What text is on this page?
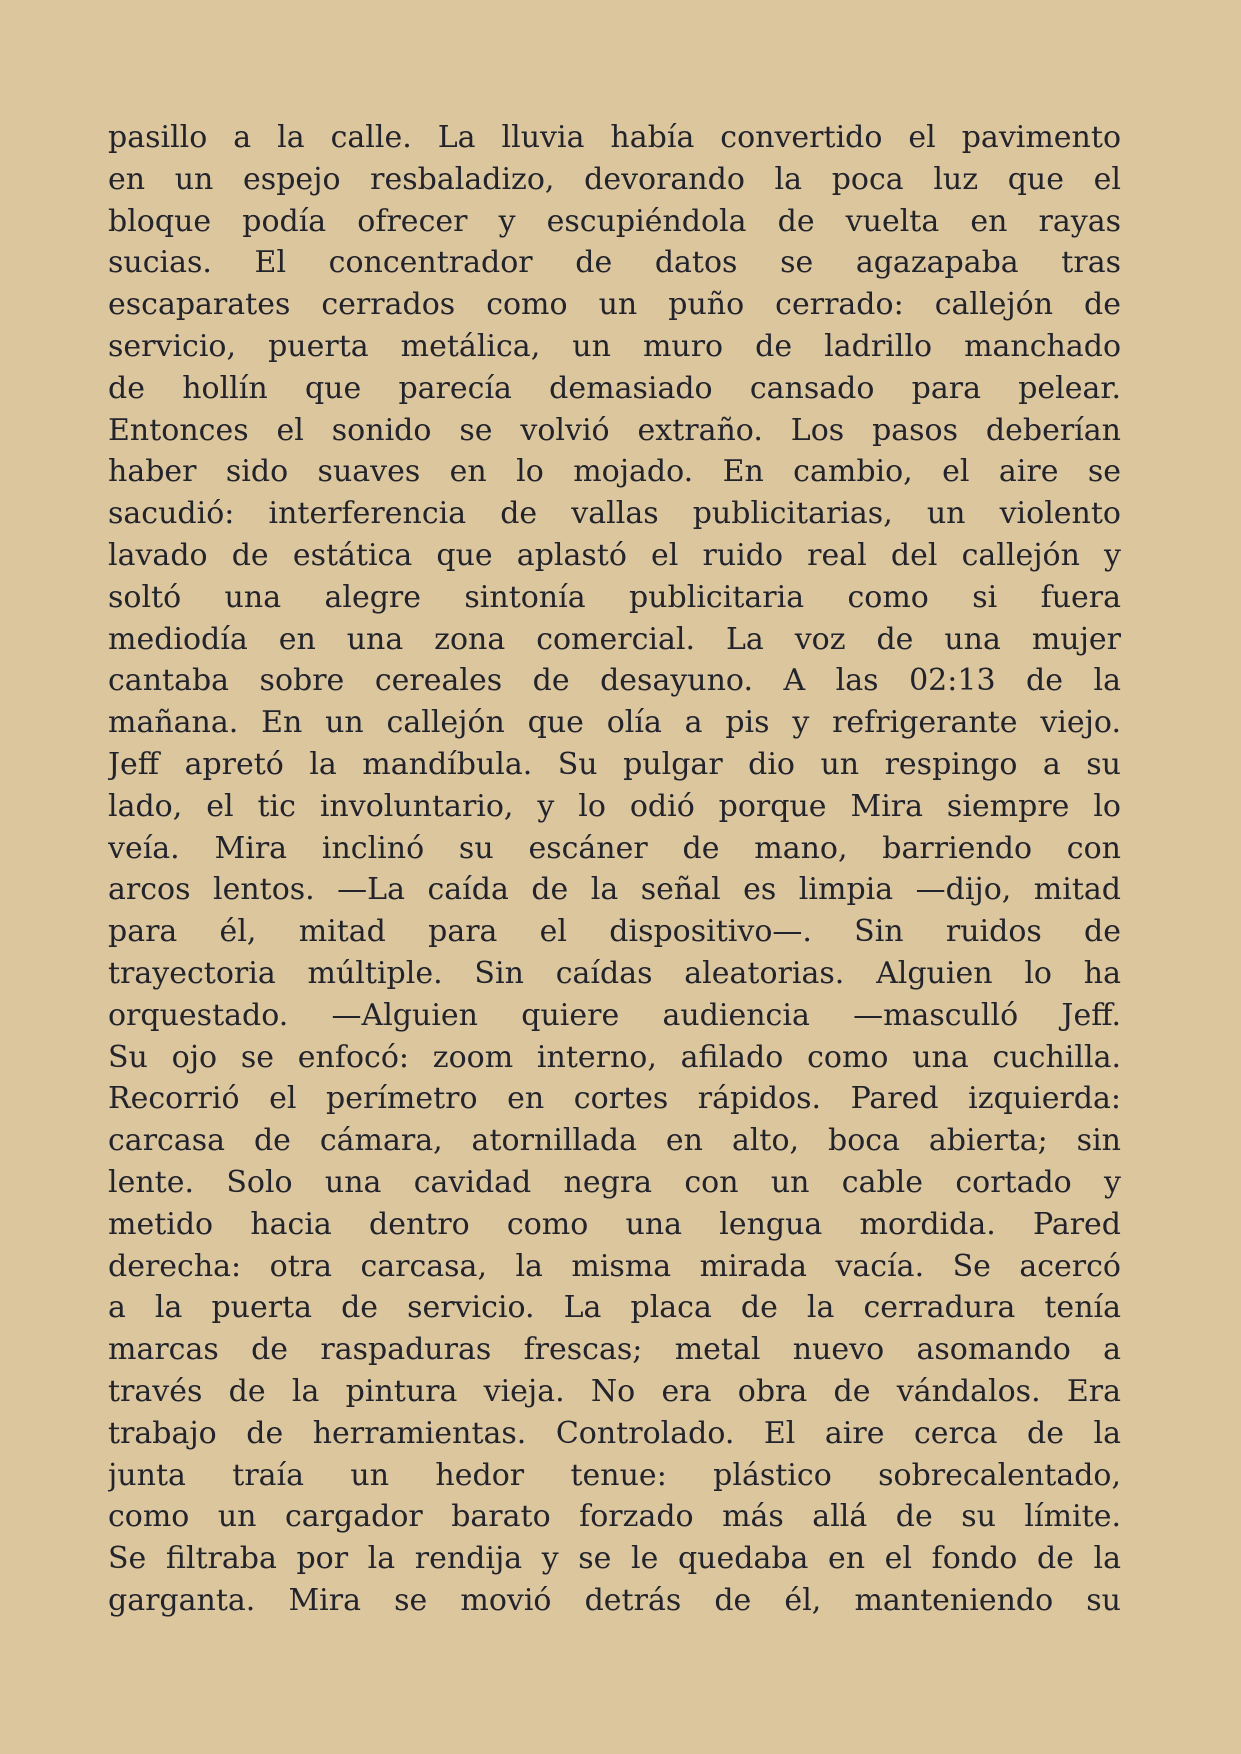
pasillo a la calle. La lluvia había convertido el pavimento
en un espejo resbaladizo, devorando la poca luz que el
bloque podía ofrecer y escupiéndola de vuelta en rayas
sucias. El concentrador de datos se agazapaba tras
escaparates cerrados como un puño cerrado: callejón de
servicio, puerta metálica, un muro de ladrillo manchado
de hollín que parecía demasiado cansado para pelear.
Entonces el sonido se volvió extraño. Los pasos deberían
haber sido suaves en lo mojado. En cambio, el aire se
sacudió: interferencia de vallas publicitarias, un violento
lavado de estática que aplastó el ruido real del callejón y
soltó una alegre sintonía publicitaria como si fuera
mediodía en una zona comercial. La voz de una mujer
cantaba sobre cereales de desayuno. A las 02:13 de la
mañana. En un callejón que olía a pis y refrigerante viejo.
Jeff apretó la mandíbula. Su pulgar dio un respingo a su
lado, el tic involuntario, y lo odió porque Mira siempre lo
veía. Mira inclinó su escáner de mano, barriendo con
arcos lentos. —La caída de la señal es limpia —dijo, mitad
para él, mitad para el dispositivo—. Sin ruidos de
trayectoria múltiple. Sin caídas aleatorias. Alguien lo ha
orquestado. —Alguien quiere audiencia —masculló Jeff.
Su ojo se enfocó: zoom interno, afilado como una cuchilla.
Recorrió el perímetro en cortes rápidos. Pared izquierda:
carcasa de cámara, atornillada en alto, boca abierta; sin
lente. Solo una cavidad negra con un cable cortado y
metido hacia dentro como una lengua mordida. Pared
derecha: otra carcasa, la misma mirada vacía. Se acercó
a la puerta de servicio. La placa de la cerradura tenía
marcas de raspaduras frescas; metal nuevo asomando a
través de la pintura vieja. No era obra de vándalos. Era
trabajo de herramientas. Controlado. El aire cerca de la
junta traía un hedor tenue: plástico sobrecalentado,
como un cargador barato forzado más allá de su límite.
Se filtraba por la rendija y se le quedaba en el fondo de la
garganta. Mira se movió detrás de él, manteniendo su
